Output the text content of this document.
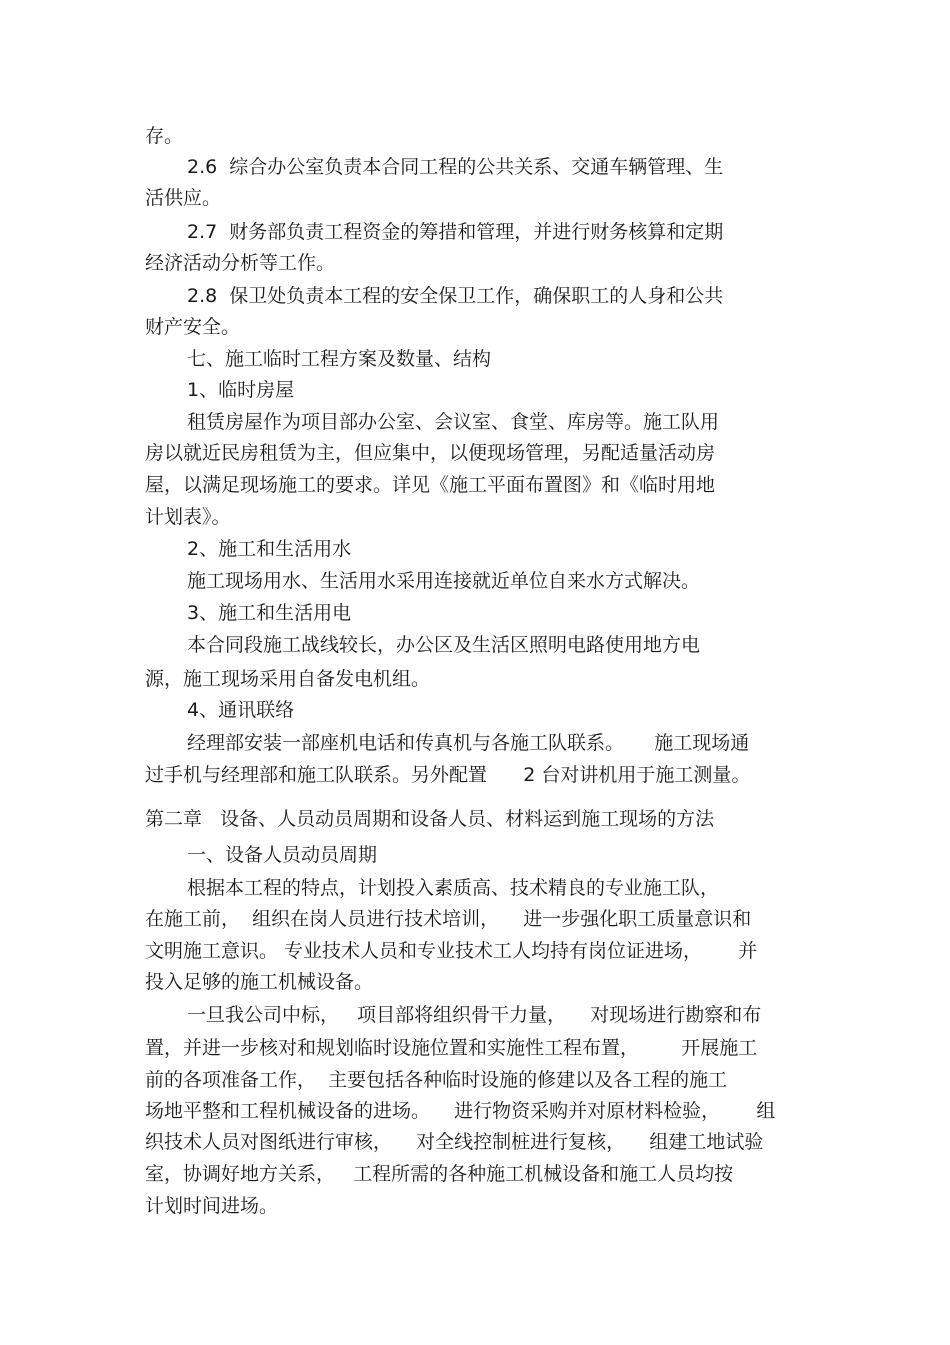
存。

2.6  综合办公室负责本合同工程的公共关系、交通车辆管理、生

活供应。

2.7  财务部负责工程资金的筹措和管理，并进行财务核算和定期

经济活动分析等工作。

2.8  保卫处负责本工程的安全保卫工作，确保职工的人身和公共

财产安全。

七、施工临时工程方案及数量、结构

1、临时房屋

租赁房屋作为项目部办公室、会议室、食堂、库房等。施工队用

房以就近民房租赁为主，但应集中，以便现场管理，另配适量活动房

屋，以满足现场施工的要求。详见《施工平面布置图》和《临时用地

计划表》。

2、施工和生活用水

施工现场用水、生活用水采用连接就近单位自来水方式解决。

3、施工和生活用电

本合同段施工战线较长，办公区及生活区照明电路使用地方电

源，施工现场采用自备发电机组。

4、通讯联络

经理部安装一部座机电话和传真机与各施工队联系。     施工现场通

过手机与经理部和施工队联系。另外配置      2 台对讲机用于施工测量。

第二章   设备、人员动员周期和设备人员、材料运到施工现场的方法

一、设备人员动员周期

根据本工程的特点，计划投入素质高、技术精良的专业施工队，

在施工前，  组织在岗人员进行技术培训，    进一步强化职工质量意识和

文明施工意识。 专业技术人员和专业技术工人均持有岗位证进场，      并

投入足够的施工机械设备。

一旦我公司中标，   项目部将组织骨干力量，    对现场进行勘察和布

置，并进一步核对和规划临时设施位置和实施性工程布置，       开展施工

前的各项准备工作，  主要包括各种临时设施的修建以及各工程的施工

场地平整和工程机械设备的进场。    进行物资采购并对原材料检验，      组

织技术人员对图纸进行审核，    对全线控制桩进行复核，    组建工地试验

室，协调好地方关系，   工程所需的各种施工机械设备和施工人员均按

计划时间进场。
